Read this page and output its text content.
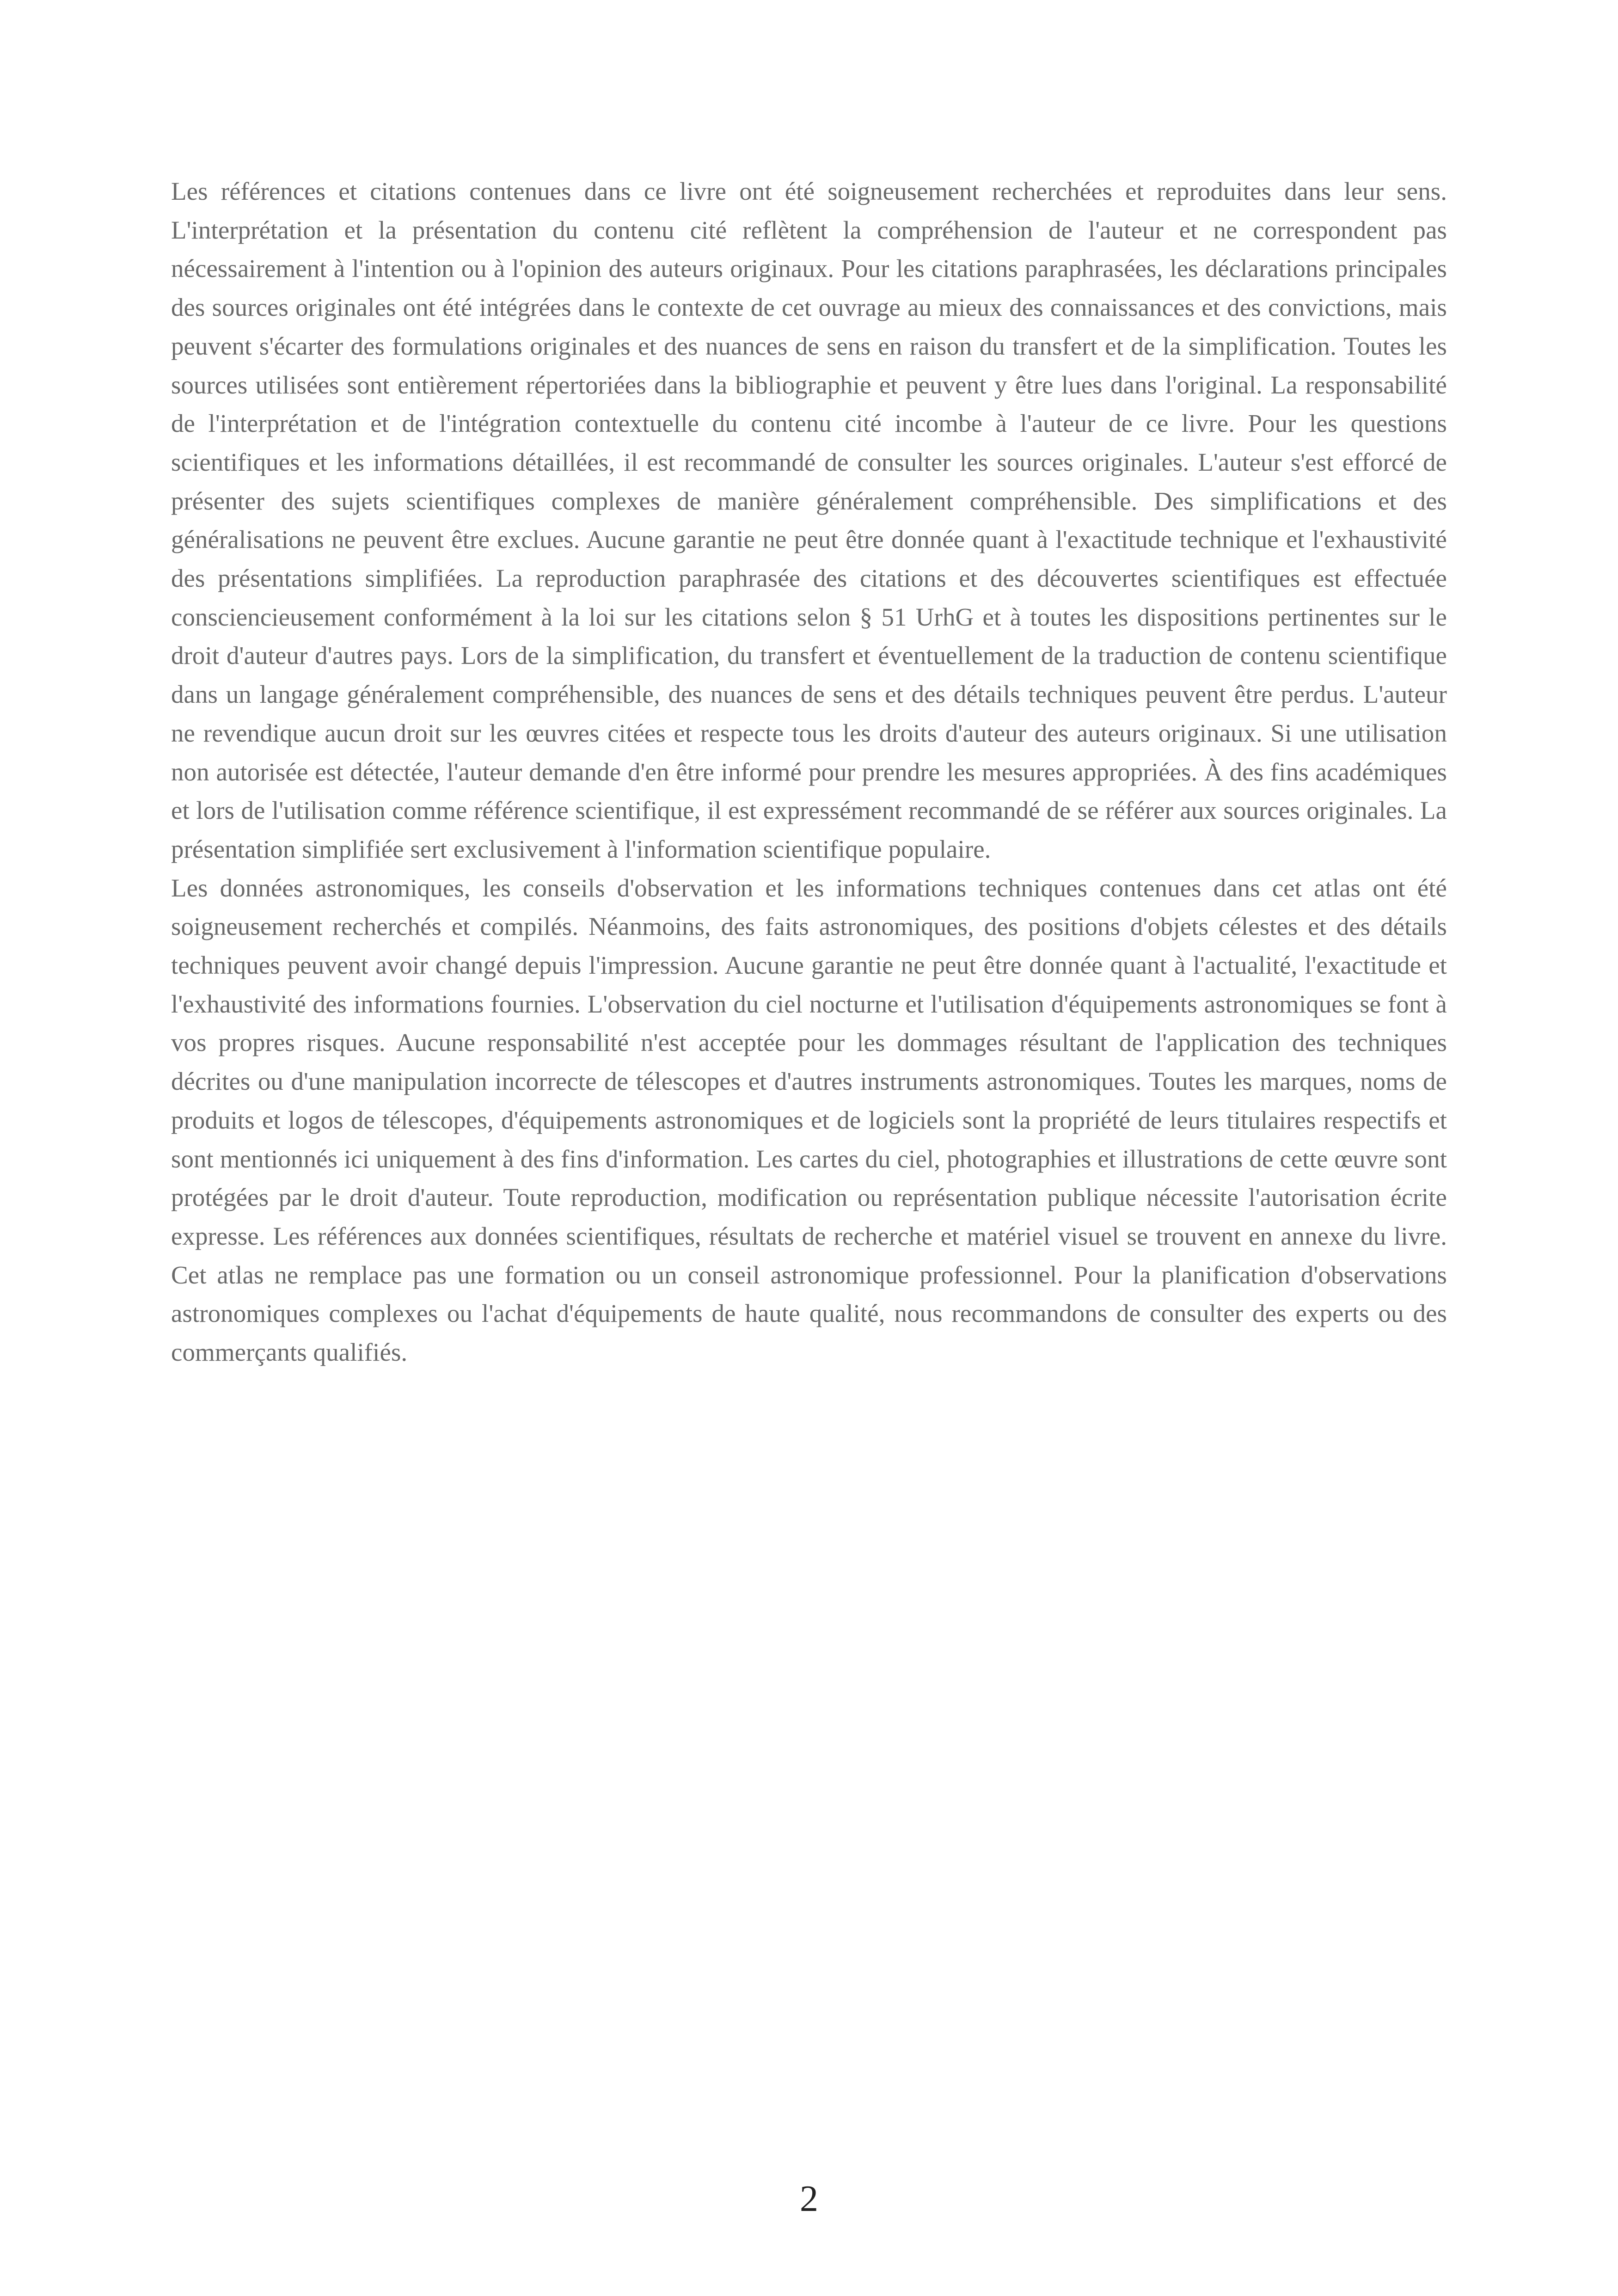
Les références et citations contenues dans ce livre ont été soigneusement recherchées et reproduites dans leur sens. L'interprétation et la présentation du contenu cité reflètent la compréhension de l'auteur et ne correspondent pas nécessairement à l'intention ou à l'opinion des auteurs originaux. Pour les citations paraphrasées, les déclarations principales des sources originales ont été intégrées dans le contexte de cet ouvrage au mieux des connaissances et des convictions, mais peuvent s'écarter des formulations originales et des nuances de sens en raison du transfert et de la simplification. Toutes les sources utilisées sont entièrement répertoriées dans la bibliographie et peuvent y être lues dans l'original. La responsabilité de l'interprétation et de l'intégration contextuelle du contenu cité incombe à l'auteur de ce livre. Pour les questions scientifiques et les informations détaillées, il est recommandé de consulter les sources originales. L'auteur s'est efforcé de présenter des sujets scientifiques complexes de manière généralement compréhensible. Des simplifications et des généralisations ne peuvent être exclues. Aucune garantie ne peut être donnée quant à l'exactitude technique et l'exhaustivité des présentations simplifiées. La reproduction paraphrasée des citations et des découvertes scientifiques est effectuée consciencieusement conformément à la loi sur les citations selon § 51 UrhG et à toutes les dispositions pertinentes sur le droit d'auteur d'autres pays. Lors de la simplification, du transfert et éventuellement de la traduction de contenu scientifique dans un langage généralement compréhensible, des nuances de sens et des détails techniques peuvent être perdus. L'auteur ne revendique aucun droit sur les œuvres citées et respecte tous les droits d'auteur des auteurs originaux. Si une utilisation non autorisée est détectée, l'auteur demande d'en être informé pour prendre les mesures appropriées. À des fins académiques et lors de l'utilisation comme référence scientifique, il est expressément recommandé de se référer aux sources originales. La présentation simplifiée sert exclusivement à l'information scientifique populaire.

Les données astronomiques, les conseils d'observation et les informations techniques contenues dans cet atlas ont été soigneusement recherchés et compilés. Néanmoins, des faits astronomiques, des positions d'objets célestes et des détails techniques peuvent avoir changé depuis l'impression. Aucune garantie ne peut être donnée quant à l'actualité, l'exactitude et l'exhaustivité des informations fournies. L'observation du ciel nocturne et l'utilisation d'équipements astronomiques se font à vos propres risques. Aucune responsabilité n'est acceptée pour les dommages résultant de l'application des techniques décrites ou d'une manipulation incorrecte de télescopes et d'autres instruments astronomiques. Toutes les marques, noms de produits et logos de télescopes, d'équipements astronomiques et de logiciels sont la propriété de leurs titulaires respectifs et sont mentionnés ici uniquement à des fins d'information. Les cartes du ciel, photographies et illustrations de cette œuvre sont protégées par le droit d'auteur. Toute reproduction, modification ou représentation publique nécessite l'autorisation écrite expresse. Les références aux données scientifiques, résultats de recherche et matériel visuel se trouvent en annexe du livre. Cet atlas ne remplace pas une formation ou un conseil astronomique professionnel. Pour la planification d'observations astronomiques complexes ou l'achat d'équipements de haute qualité, nous recommandons de consulter des experts ou des commerçants qualifiés.

2
